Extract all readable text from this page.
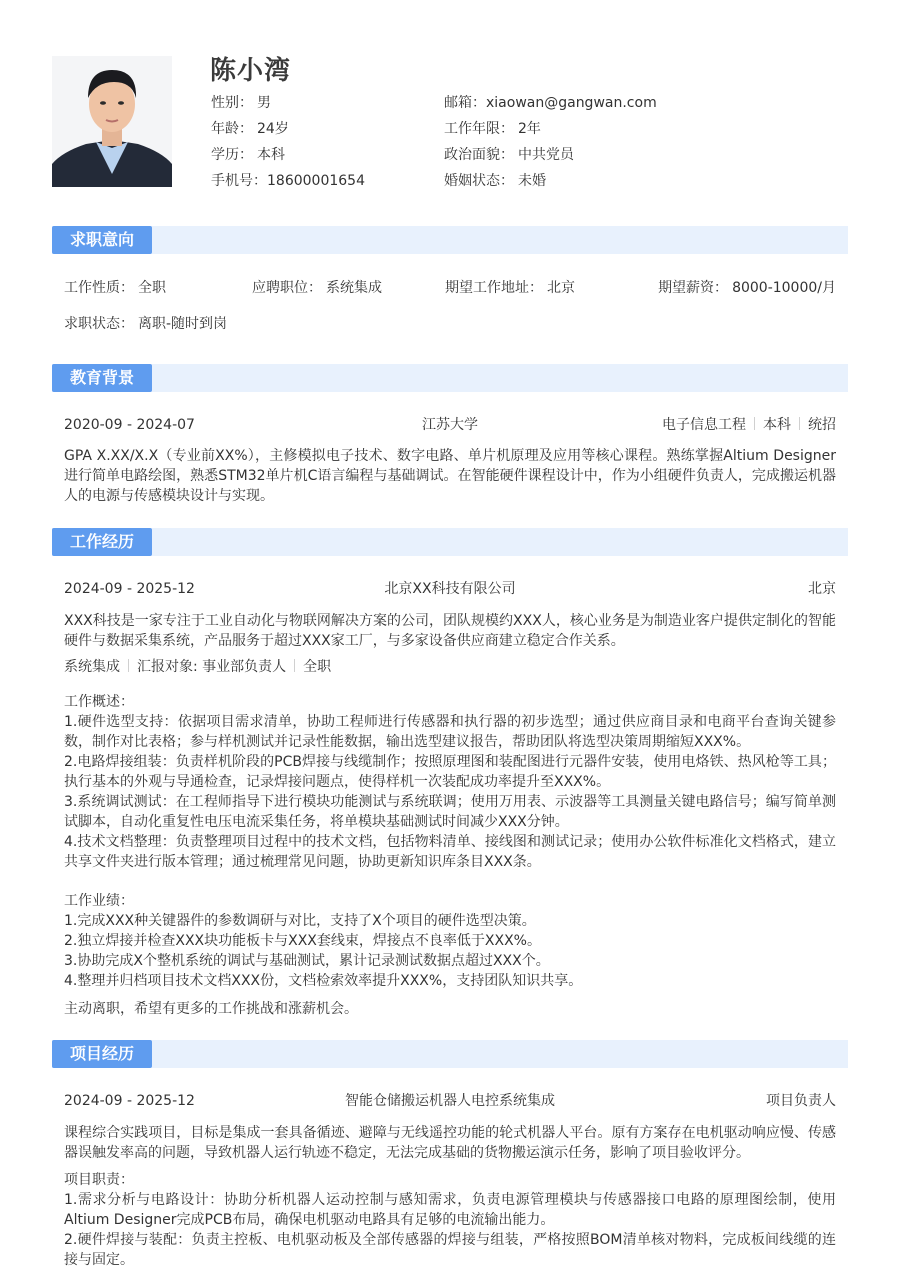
陈小湾
性别： 男
年龄： 24岁
学历： 本科
手机号：18600001654
邮箱：xiaowan@gangwan.com
工作年限： 2年
政治面貌： 中共党员
婚姻状态： 未婚
求职意向
工作性质： 全职	应聘职位： 系统集成	期望工作地址： 北京	期望薪资： 8000-10000/月
求职状态： 离职-随时到岗
教育背景
2020-09 - 2024-07	江苏大学	电子信息工程 本科 统招
GPA X.XX/X.X（专业前XX%），主修模拟电子技术、数字电路、单片机原理及应用等核心课程。熟练掌握Altium Designer进行简单电路绘图，熟悉STM32单片机C语言编程与基础调试。在智能硬件课程设计中，作为小组硬件负责人，完成搬运机器人的电源与传感模块设计与实现。
工作经历
2024-09 - 2025-12	北京XX科技有限公司	北京
XXX科技是一家专注于工业自动化与物联网解决方案的公司，团队规模约XXX人，核心业务是为制造业客户提供定制化的智能硬件与数据采集系统，产品服务于超过XXX家工厂，与多家设备供应商建立稳定合作关系。
系统集成 汇报对象: 事业部负责人 全职
工作概述：
1.硬件选型支持：依据项目需求清单，协助工程师进行传感器和执行器的初步选型；通过供应商目录和电商平台查询关键参数，制作对比表格；参与样机测试并记录性能数据，输出选型建议报告，帮助团队将选型决策周期缩短XXX%。
2.电路焊接组装：负责样机阶段的PCB焊接与线缆制作；按照原理图和装配图进行元器件安装，使用电烙铁、热风枪等工具；执行基本的外观与导通检查，记录焊接问题点，使得样机一次装配成功率提升至XXX%。
3.系统调试测试：在工程师指导下进行模块功能测试与系统联调；使用万用表、示波器等工具测量关键电路信号；编写简单测试脚本，自动化重复性电压电流采集任务，将单模块基础测试时间减少XXX分钟。
4.技术文档整理：负责整理项目过程中的技术文档，包括物料清单、接线图和测试记录；使用办公软件标准化文档格式，建立共享文件夹进行版本管理；通过梳理常见问题，协助更新知识库条目XXX条。
工作业绩：
1.完成XXX种关键器件的参数调研与对比，支持了X个项目的硬件选型决策。
2.独立焊接并检查XXX块功能板卡与XXX套线束，焊接点不良率低于XXX%。
3.协助完成X个整机系统的调试与基础测试，累计记录测试数据点超过XXX个。
4.整理并归档项目技术文档XXX份，文档检索效率提升XXX%，支持团队知识共享。
主动离职，希望有更多的工作挑战和涨薪机会。
项目经历
2024-09 - 2025-12	智能仓储搬运机器人电控系统集成	项目负责人
课程综合实践项目，目标是集成一套具备循迹、避障与无线遥控功能的轮式机器人平台。原有方案存在电机驱动响应慢、传感器误触发率高的问题，导致机器人运行轨迹不稳定，无法完成基础的货物搬运演示任务，影响了项目验收评分。
项目职责：
1.需求分析与电路设计：协助分析机器人运动控制与感知需求，负责电源管理模块与传感器接口电路的原理图绘制，使用Altium Designer完成PCB布局，确保电机驱动电路具有足够的电流输出能力。
2.硬件焊接与装配：负责主控板、电机驱动板及全部传感器的焊接与组装，严格按照BOM清单核对物料，完成板间线缆的连接与固定。
